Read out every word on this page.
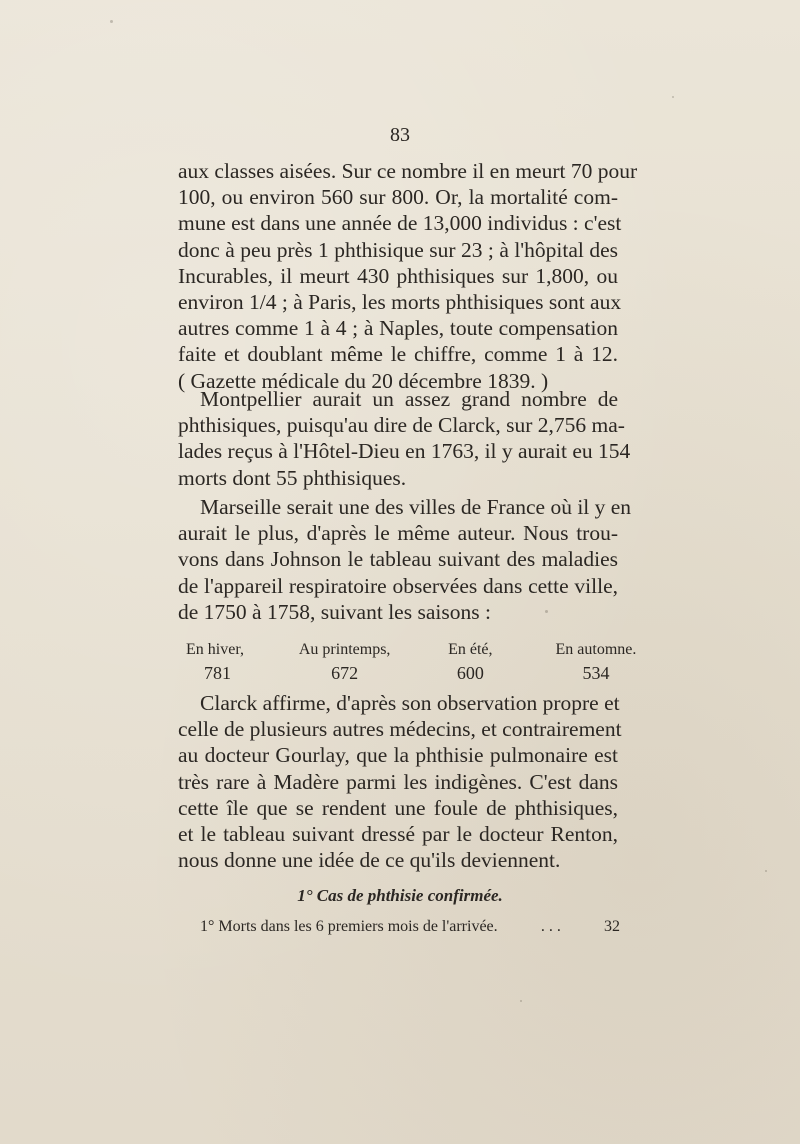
83
aux classes aisées. Sur ce nombre il en meurt 70 pour
100, ou environ 560 sur 800. Or, la mortalité com-
mune est dans une année de 13,000 individus : c'est
donc à peu près 1 phthisique sur 23 ; à l'hôpital des
Incurables, il meurt 430 phthisiques sur 1,800, ou
environ 1/4 ; à Paris, les morts phthisiques sont aux
autres comme 1 à 4 ; à Naples, toute compensation
faite et doublant même le chiffre, comme 1 à 12.
( Gazette médicale du 20 décembre 1839. )
Montpellier aurait un assez grand nombre de
phthisiques, puisqu'au dire de Clarck, sur 2,756 ma-
lades reçus à l'Hôtel-Dieu en 1763, il y aurait eu 154
morts dont 55 phthisiques.
Marseille serait une des villes de France où il y en
aurait le plus, d'après le même auteur. Nous trou-
vons dans Johnson le tableau suivant des maladies
de l'appareil respiratoire observées dans cette ville,
de 1750 à 1758, suivant les saisons :
En hiver,	Au printemps,	En été,	En automne.
781	672	600	534
Clarck affirme, d'après son observation propre et
celle de plusieurs autres médecins, et contrairement
au docteur Gourlay, que la phthisie pulmonaire est
très rare à Madère parmi les indigènes. C'est dans
cette île que se rendent une foule de phthisiques,
et le tableau suivant dressé par le docteur Renton,
nous donne une idée de ce qu'ils deviennent.
1° Cas de phthisie confirmée.
1° Morts dans les 6 premiers mois de l'arrivée.	. . .	32
